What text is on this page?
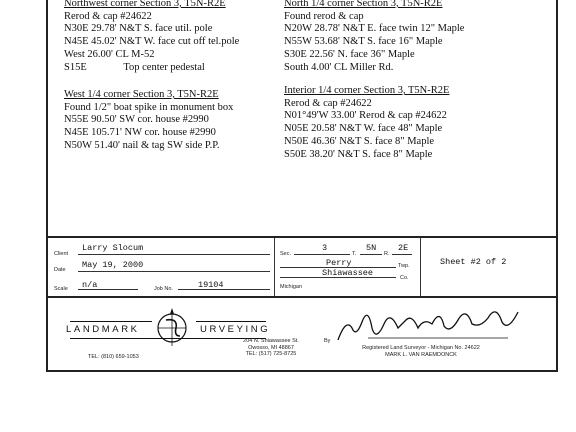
Northwest corner Section 3, T5N-R2E
Rerod & cap #24622
N30E 29.78' N&T S. face util. pole
N45E 45.02' N&T W. face cut off tel.pole
West 26.00' CL M-52
S15E              Top center pedestal
North 1/4 corner Section 3, T5N-R2E
Found rerod & cap
N20W 28.78' N&T E. face twin 12" Maple
N55W 53.68' N&T S. face 16" Maple
S30E 22.56' N. face 36" Maple
South 4.00' CL Miller Rd.
West 1/4 corner Section 3, T5N-R2E
Found 1/2" boat spike in monument box
N55E 90.50' SW cor. house #2990
N45E 105.71' NW cor. house #2990
N50W 51.40' nail & tag SW side P.P.
Interior 1/4 corner Section 3, T5N-R2E
Rerod & cap #24622
N01°49'W 33.00' Rerod & cap #24622
N05E 20.58' N&T W. face 48" Maple
N50E 46.36' N&T S. face 8" Maple
S50E 38.20' N&T S. face 8" Maple
Client
Larry Slocum
Date May 19, 2000
Scale n/a	Job No.	19104
Sec.
3
T.
5N
R.
2E
Perry	Twp.
Shiawassee	Co.
Michigan
Sheet #2 of 2
LANDMARK	URVEYING
TEL: (810) 659-1053
204 N. Shiawassee St.
Owosso, MI 48867
TEL: (517) 725-8725
By
Registered Land Surveyor - Michigan No. 24622
MARK L. VAN RAEMDONCK
